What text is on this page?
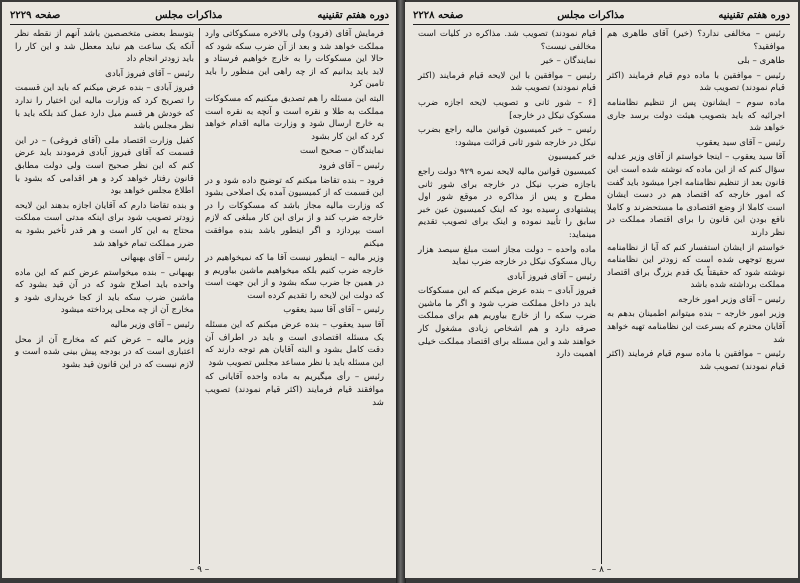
دوره هفتم تقنینیه
مذاکرات مجلس
صفحه ۲۲۲۹

فرمایش آقای (فرود) ولی بالاخره مسکوکاتی وارد مملکت خواهد شد و بعد از آن ضرب سکه شود که حالا این مسکوکات را به خارج خواهیم فرستاد و لابد باید بدانیم که از چه راهی این منظور را باید تامین کرد

البته این مسئله را هم تصدیق میکنیم که مسکوکات مملکت به طلا و نقره است و آنچه به نقره است به خارج ارسال شود و وزارت مالیه اقدام خواهد کرد که این کار بشود

نمایندگان – صحیح است

رئیس – آقای فرود

فرود – بنده تقاضا میکنم که توضیح داده شود و در این قسمت که از کمیسیون آمده یک اصلاحی بشود که وزارت مالیه مجاز باشد که مسکوکات را در خارجه ضرب کند و از برای این کار مبلغی که لازم است بپردازد و اگر اینطور باشد بنده موافقت میکنم

وزیر مالیه – اینطور نیست آقا ما که نمیخواهیم در خارجه ضرب کنیم بلکه میخواهیم ماشین بیاوریم و در همین جا ضرب سکه بشود و از این جهت است که دولت این لایحه را تقدیم کرده است

رئیس – آقای آقا سید یعقوب

آقا سید یعقوب – بنده عرض میکنم که این مسئله یک مسئله اقتصادی است و باید در اطراف آن دقت کامل بشود و البته آقایان هم توجه دارند که این مسئله باید با نظر مساعد مجلس تصویب شود

رئیس – رأی میگیریم به ماده واحده آقایانی که موافقند قیام فرمایند (اکثر قیام نمودند) تصویب شد

بتوسط بعضی متخصصین باشد آنهم از نقطه نظر آنکه یک ساعت هم نباید معطل شد و این کار را باید زودتر انجام داد

رئیس – آقای فیروز آبادی

فیروز آبادی – بنده عرض میکنم که باید این قسمت را تصریح کرد که وزارت مالیه این اختیار را ندارد که خودش هر قسم میل دارد عمل کند بلکه باید با نظر مجلس باشد

کفیل وزارت اقتصاد ملی (آقای فروغی) – در این قسمت که آقای فیروز آبادی فرمودند باید عرض کنم که این نظر صحیح است ولی دولت مطابق قانون رفتار خواهد کرد و هر اقدامی که بشود با اطلاع مجلس خواهد بود

و بنده تقاضا دارم که آقایان اجازه بدهند این لایحه زودتر تصویب شود برای اینکه مدتی است مملکت محتاج به این کار است و هر قدر تأخیر بشود به ضرر مملکت تمام خواهد شد

رئیس – آقای بهبهانی

بهبهانی – بنده میخواستم عرض کنم که این ماده واحده باید اصلاح شود که در آن قید بشود که ماشین ضرب سکه باید از کجا خریداری شود و مخارج آن از چه محلی پرداخته میشود

رئیس – آقای وزیر مالیه

وزیر مالیه – عرض کنم که مخارج آن از محل اعتباری است که در بودجه پیش بینی شده است و لازم نیست که در این قانون قید بشود

– ۹ –
دوره هفتم تقنینیه
مذاکرات مجلس
صفحه ۲۲۲۸

رئیس – مخالفی ندارد؟ (خیر) آقای طاهری هم موافقید؟

طاهری – بلی

رئیس – موافقین با ماده دوم قیام فرمایند (اکثر قیام نمودند) تصویب شد

ماده سوم – ایشانون پس از تنظیم نظامنامه اجرائیه که باید بتصویب هیئت دولت برسد جاری خواهد شد

رئیس – آقای سید یعقوب

آقا سید یعقوب – اینجا خواستم از آقای وزیر عدلیه سؤال کنم که از این ماده که نوشته شده است این قانون بعد از تنظیم نظامنامه اجرا میشود باید گفت که امور خارجه که اقتصاد هم در دست ایشان است کاملا از وضع اقتصادی ما مستحضرند و کاملا نافع بودن این قانون را برای اقتصاد مملکت در نظر دارند

خواستم از ایشان استفسار کنم که آیا از نظامنامه سریع توجهی شده است که زودتر این نظامنامه نوشته شود که حقیقتاً یک قدم بزرگ برای اقتصاد مملکت برداشته شده باشد

رئیس – آقای وزیر امور خارجه

وزیر امور خارجه – بنده میتوانم اطمینان بدهم به آقایان محترم که بسرعت این نظامنامه تهیه خواهد شد

رئیس – موافقین با ماده سوم قیام فرمایند (اکثر قیام نمودند) تصویب شد

قیام نمودند) تصویب شد. مذاکره در کلیات است مخالفی نیست؟

نمایندگان – خیر

رئیس – موافقین با این لایحه قیام فرمایند (اکثر قیام نمودند) تصویب شد

[۶ – شور ثانی و تصویب لایحه اجازه ضرب مسکوک نیکل در خارجه]

رئیس – خبر کمیسیون قوانین مالیه راجع بضرب نیکل در خارجه شور ثانی قرائت میشود:

خبر کمیسیون

کمیسیون قوانین مالیه لایحه نمره ۹۲۹ دولت راجع باجازه ضرب نیکل در خارجه برای شور ثانی مطرح و پس از مذاکره در موقع شور اول پیشنهادی رسیده بود که اینک کمیسیون عین خبر سابق را تأیید نموده و اینک برای تصویب تقدیم مینماید:

ماده واحده – دولت مجاز است مبلغ سیصد هزار ریال مسکوک نیکل در خارجه ضرب نماید

رئیس – آقای فیروز آبادی

فیروز آبادی – بنده عرض میکنم که این مسکوکات باید در داخل مملکت ضرب شود و اگر ما ماشین ضرب سکه را از خارج بیاوریم هم برای مملکت صرفه دارد و هم اشخاص زیادی مشغول کار خواهند شد و این مسئله برای اقتصاد مملکت خیلی اهمیت دارد

– ۸ –
